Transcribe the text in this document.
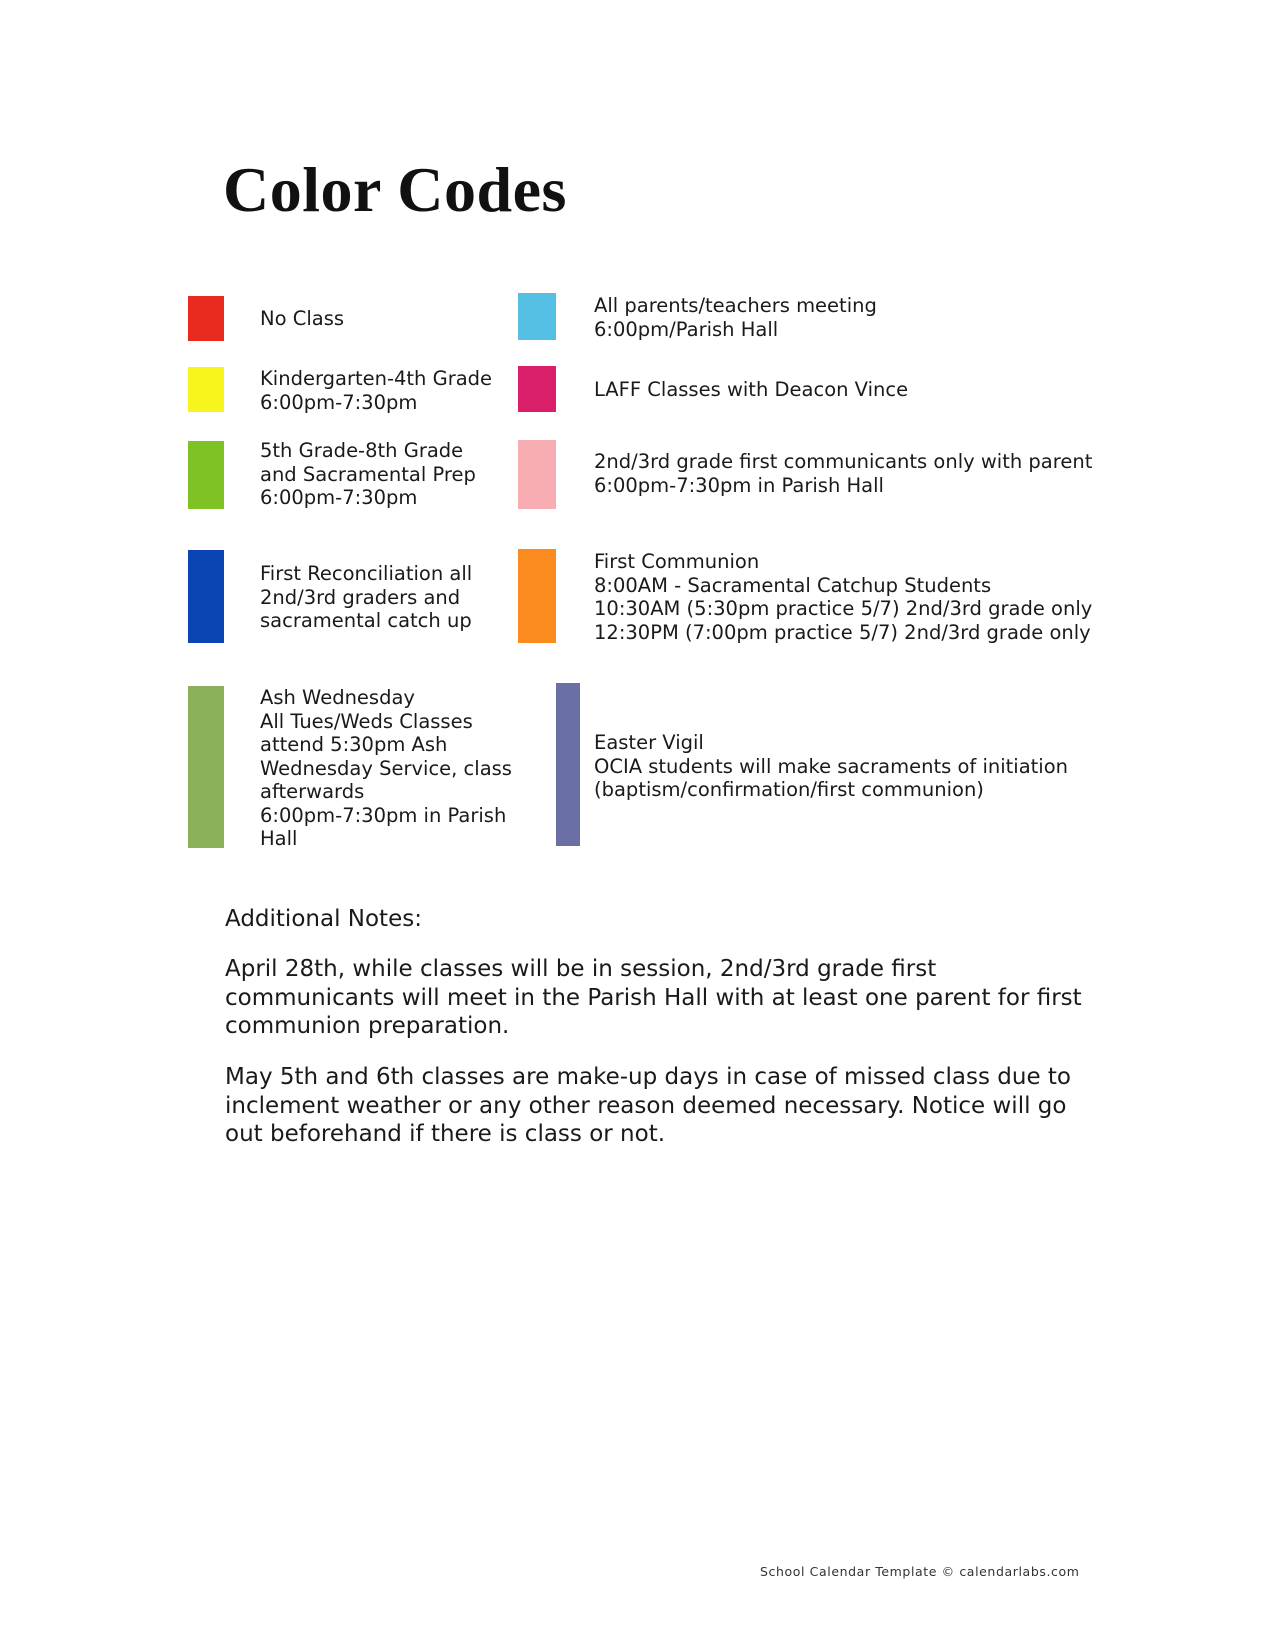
Color Codes
No Class
Kindergarten-4th Grade
6:00pm-7:30pm
5th Grade-8th Grade
and Sacramental Prep
6:00pm-7:30pm
First Reconciliation all
2nd/3rd graders and
sacramental catch up
Ash Wednesday
All Tues/Weds Classes
attend 5:30pm Ash
Wednesday Service, class
afterwards
6:00pm-7:30pm in Parish
Hall
All parents/teachers meeting
6:00pm/Parish Hall
LAFF Classes with Deacon Vince
2nd/3rd grade first communicants only with parent
6:00pm-7:30pm in Parish Hall
First Communion
8:00AM - Sacramental Catchup Students
10:30AM (5:30pm practice 5/7) 2nd/3rd grade only
12:30PM (7:00pm practice 5/7) 2nd/3rd grade only
Easter Vigil
OCIA students will make sacraments of initiation
(baptism/confirmation/first communion)
Additional Notes:
April 28th, while classes will be in session, 2nd/3rd grade first communicants will meet in the Parish Hall with at least one parent for first communion preparation.
May 5th and 6th classes are make-up days in case of missed class due to inclement weather or any other reason deemed necessary. Notice will go out beforehand if there is class or not.
School Calendar Template © calendarlabs.com
